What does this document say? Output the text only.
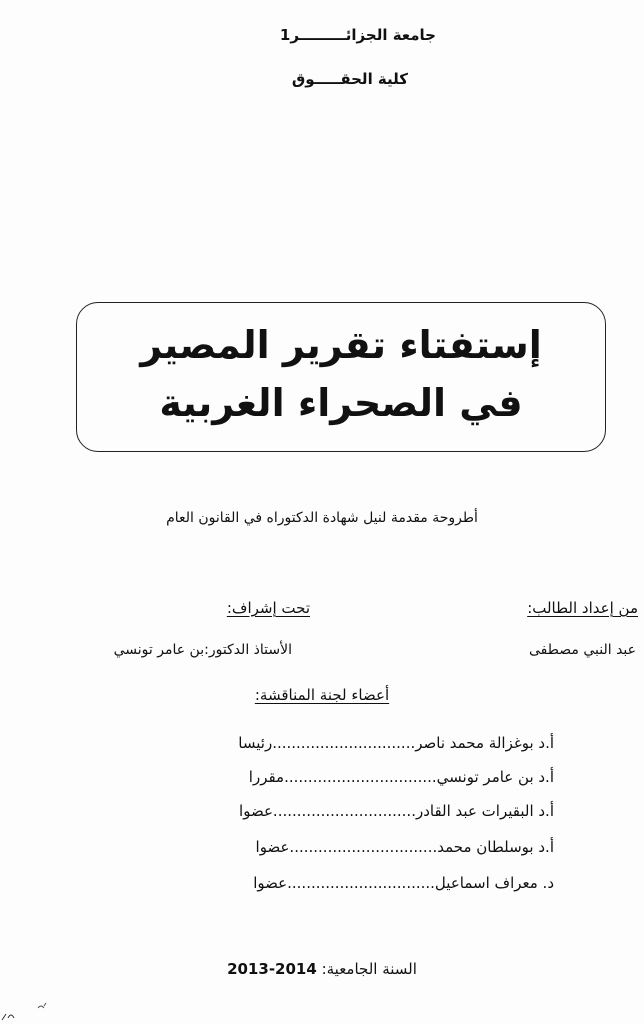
جامعة الجزائـــــــــر1
كلية الحقـــــوق
إستفتاء تقرير المصير
في الصحراء الغربية
أطروحة مقدمة لنيل شهادة الدكتوراه في القانون العام
من إعداد الطالب:
تحت إشراف:
عبد النبي مصطفى
الأستاذ الدكتور:بن عامر تونسي
أعضاء لجنة المناقشة:
أ.د بوغزالة محمد ناصر..............................رئيسا
أ.د بن عامر تونسي................................مقررا
أ.د البقيرات عبد القادر..............................عضوا
أ.د بوسلطان محمد...............................عضوا
د. معراف اسماعيل...............................عضوا
السنة الجامعية: 2014-2013
